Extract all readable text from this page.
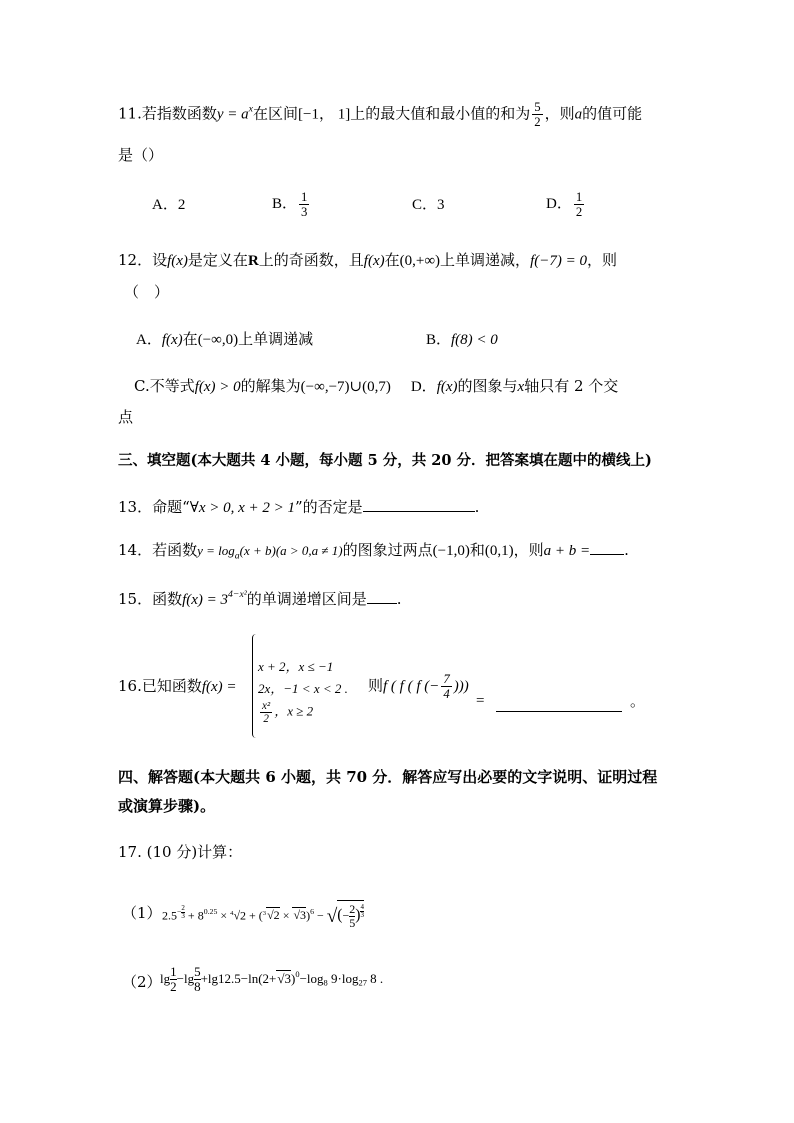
11.若指数函数$y = a^x$在区间[−1， 1]上的最大值和最小值的和为 $\frac{5}{2}$ ，则a的值可能
是（）
A．2	B． $\frac{1}{3}$	C．3	D． $\frac{1}{2}$
12．设f(x)是定义在R上的奇函数，且f(x)在(0,+∞)上单调递减，f(−7) = 0，则
（　）
A．f(x)在(−∞,0)上单调递减	B．f(8) < 0
C.不等式f(x) > 0的解集为(−∞,−7)∪(0,7) D．f(x)的图象与x轴只有 2 个交
点
三、填空题(本大题共 4 小题，每小题 5 分，共 20 分．把答案填在题中的横线上)
13．命题“∀x > 0, x + 2 > 1”的否定是	.
14．若函数$y = \log_a(x + b)(a > 0,a \ne 1)$的图象过两点(−1,0)和(0,1)，则a + b = .
15．函数$f(x) = 3^{4-x^2}$的单调递增区间是 .
16.已知函数f(x) =
x + 2，x ≤ −1
2x，−1 < x < 2 .
$\frac{\text{x²}}{2}$ ，x ≥ 2
则f ( f ( f (− $\frac{7}{4}$ )))
=	。
四、解答题(本大题共 6 小题，共 70 分．解答应写出必要的文字说明、证明过程
或演算步骤)。
17. (10 分)计算：
（1） $2.5^{- \frac{2}{3}} + 8^{0.25} \times ^4√2 + (^3√2 \times √3)^6$ − √(− $\frac{2}{5}$ ) $^{\frac{4}{3}}$
（2）
$\lg \frac{1}{2} -\lg \frac{5}{8} +\lg 12.5-\ln(2+√3)^0-\log_8$ $9\cdot\log_{27}$ 8 .
